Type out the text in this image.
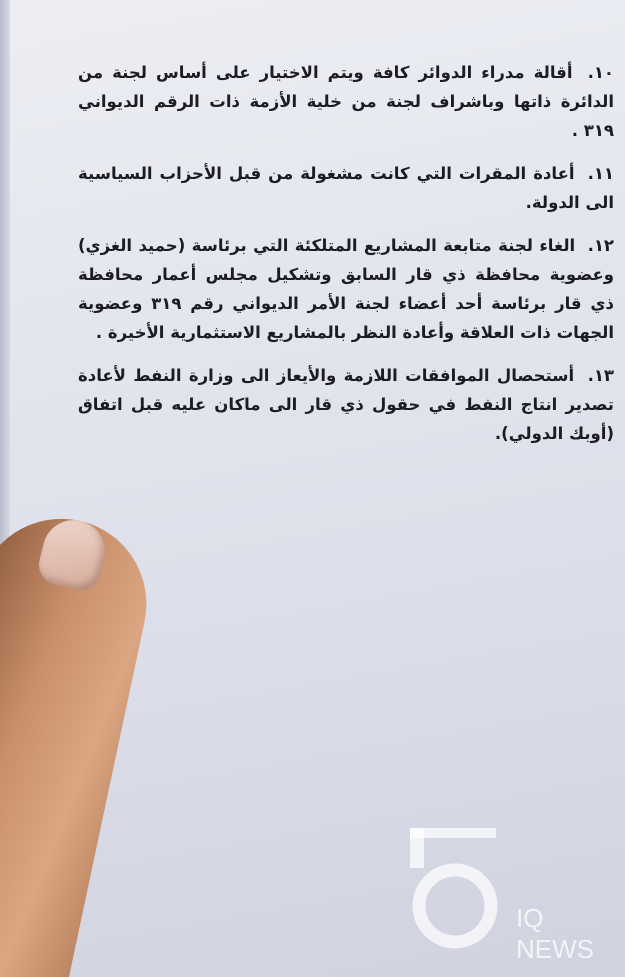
١٠. أقالة مدراء الدوائر كافة ويتم الاختيار على أساس لجنة من الدائرة ذاتها وباشراف لجنة من خلية الأزمة ذات الرقم الديواني ٣١٩ .

١١. أعادة المقرات التي كانت مشغولة من قبل الأحزاب السياسية الى الدولة.

١٢. الغاء لجنة متابعة المشاريع المتلكئة التي برئاسة (حميد الغزي) وعضوية محافظة ذي قار السابق وتشكيل مجلس أعمار محافظة ذي قار برئاسة أحد أعضاء لجنة الأمر الديواني رقم ٣١٩ وعضوية الجهات ذات العلاقة وأعادة النظر بالمشاريع الاستثمارية الأخيرة .

١٣. أستحصال الموافقات اللازمة والأيعاز الى وزارة النفط لأعادة تصدير انتاج النفط في حقول ذي قار الى ماكان عليه قبل اتفاق (أوبك الدولي).

IQ NEWS
